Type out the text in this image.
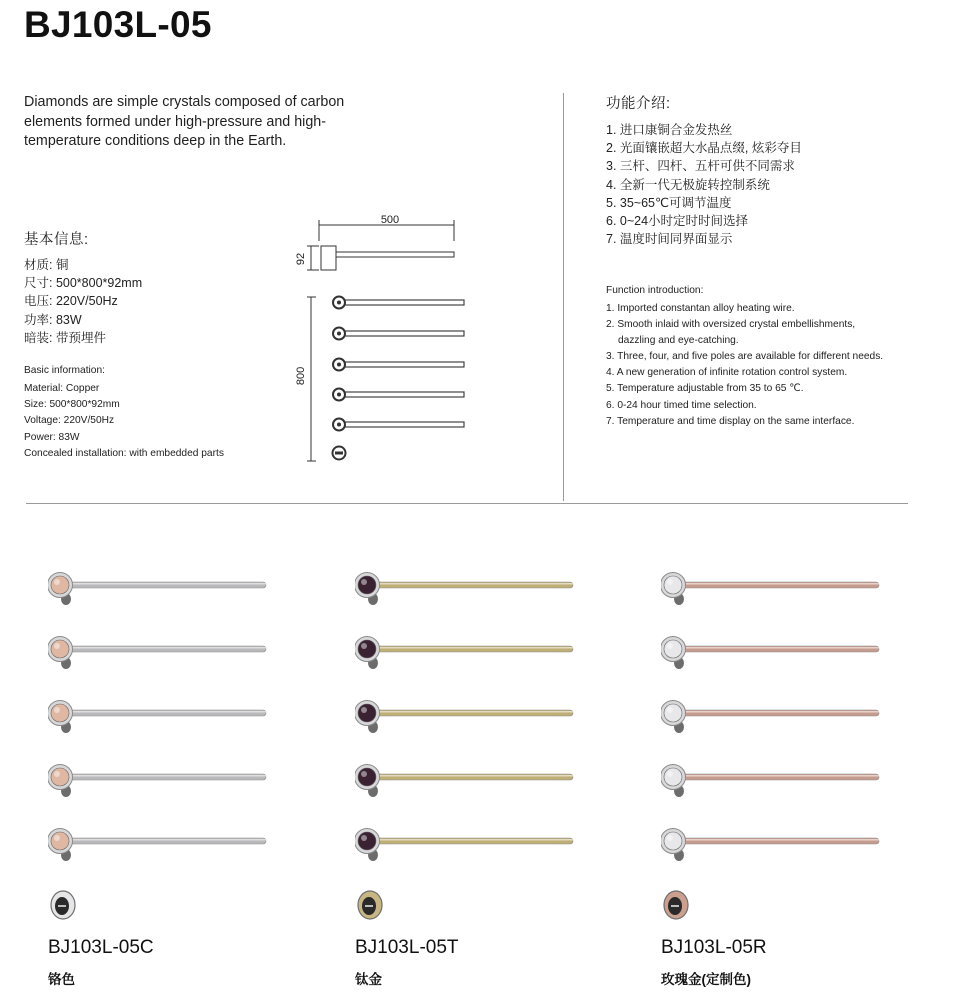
BJ103L-05
Diamonds are simple crystals composed of carbon elements formed under high-pressure and high-temperature conditions deep in the Earth.
基本信息:
材质: 铜
尺寸: 500*800*92mm
电压: 220V/50Hz
功率: 83W
暗装: 带预埋件
Basic information:
Material: Copper
Size: 500*800*92mm
Voltage: 220V/50Hz
Power: 83W
Concealed installation: with embedded parts
500
92
800
功能介绍:
1. 进口康铜合金发热丝
2. 光面镶嵌超大水晶点缀, 炫彩夺目
3. 三杆、四杆、五杆可供不同需求
4. 全新一代无极旋转控制系统
5. 35~65℃可调节温度
6. 0~24小时定时时间选择
7. 温度时间同界面显示
Function introduction:
1. Imported constantan alloy heating wire.
2. Smooth inlaid with oversized crystal embellishments,
dazzling and eye-catching.
3. Three, four, and five poles are available for different needs.
4. A new generation of infinite rotation control system.
5. Temperature adjustable from 35 to 65 ℃.
6. 0-24 hour timed time selection.
7. Temperature and time display on the same interface.
BJ103L-05C
铬色
BJ103L-05T
钛金
BJ103L-05R
玫瑰金(定制色)
